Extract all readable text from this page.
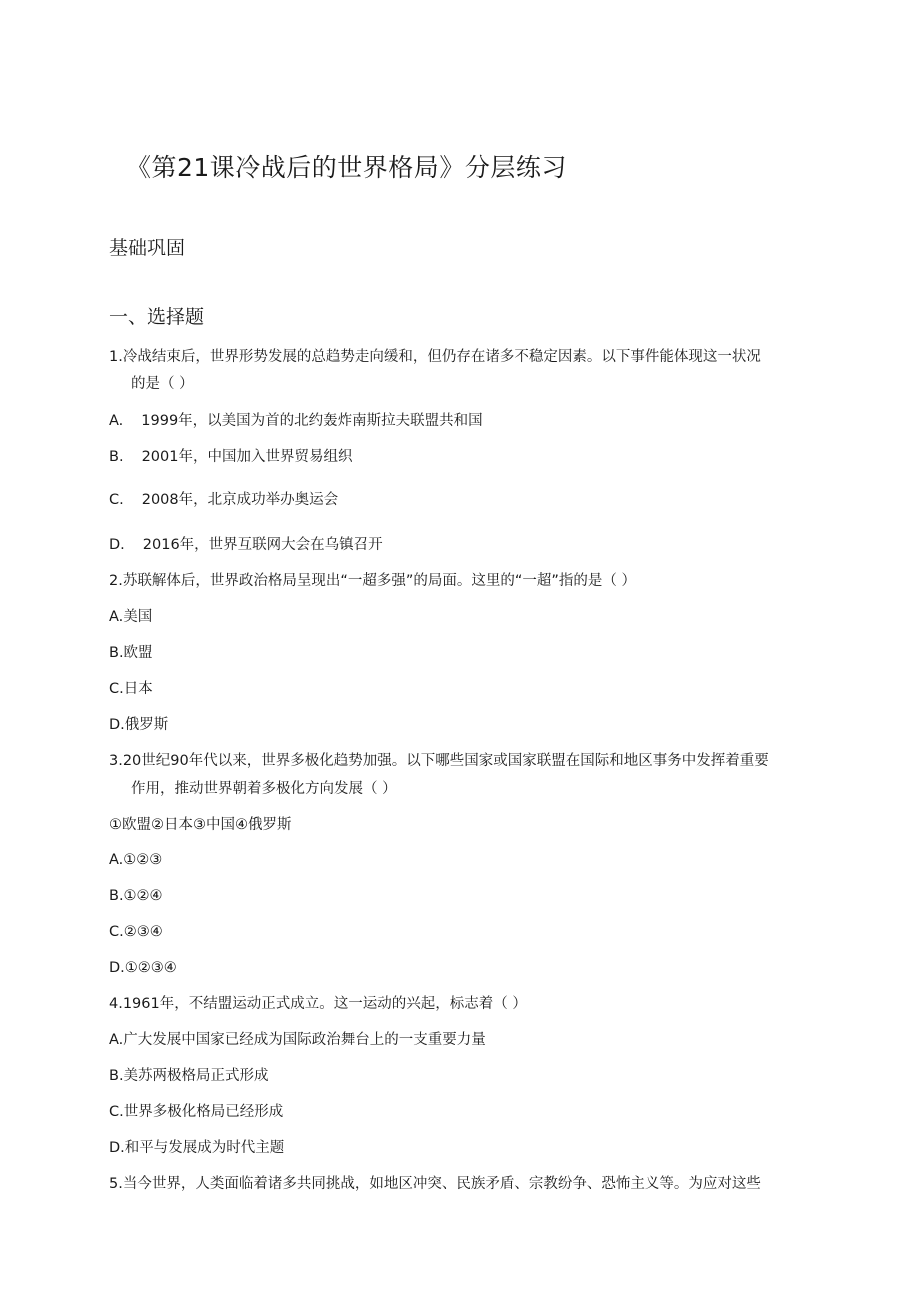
《第21课冷战后的世界格局》分层练习
基础巩固
一、选择题
1.冷战结束后，世界形势发展的总趋势走向缓和，但仍存在诸多不稳定因素。以下事件能体现这一状况
的是（ ）
A. 1999年，以美国为首的北约轰炸南斯拉夫联盟共和国
B. 2001年，中国加入世界贸易组织
C. 2008年，北京成功举办奥运会
D. 2016年，世界互联网大会在乌镇召开
2.苏联解体后，世界政治格局呈现出“一超多强”的局面。这里的“一超”指的是（ ）
A.美国
B.欧盟
C.日本
D.俄罗斯
3.20世纪90年代以来，世界多极化趋势加强。以下哪些国家或国家联盟在国际和地区事务中发挥着重要
作用，推动世界朝着多极化方向发展（ ）
①欧盟②日本③中国④俄罗斯
A.①②③
B.①②④
C.②③④
D.①②③④
4.1961年，不结盟运动正式成立。这一运动的兴起，标志着（ ）
A.广大发展中国家已经成为国际政治舞台上的一支重要力量
B.美苏两极格局正式形成
C.世界多极化格局已经形成
D.和平与发展成为时代主题
5.当今世界，人类面临着诸多共同挑战，如地区冲突、民族矛盾、宗教纷争、恐怖主义等。为应对这些
